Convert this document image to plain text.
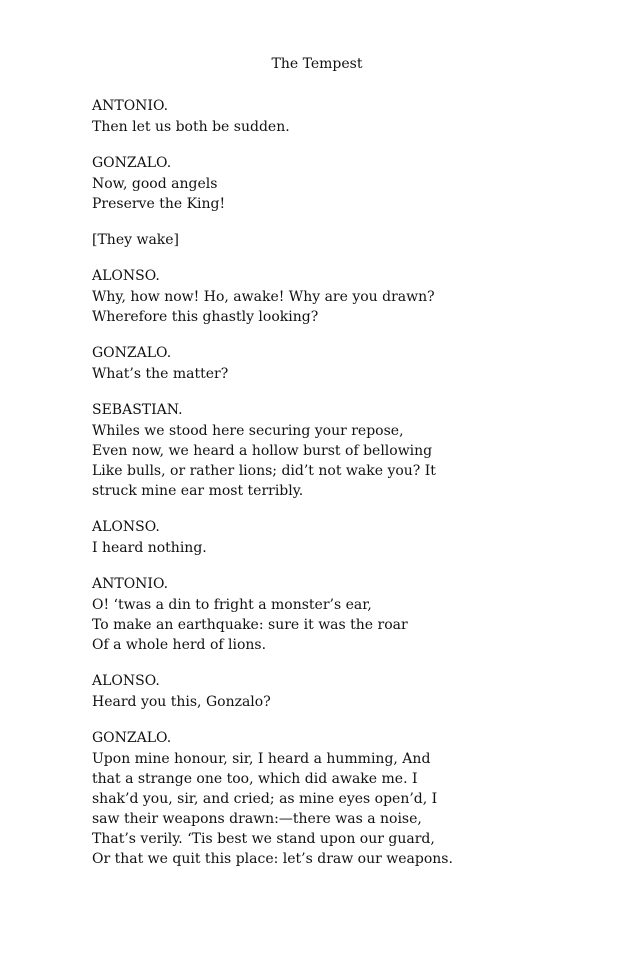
The Tempest
ANTONIO.
Then let us both be sudden.
GONZALO.
Now, good angels
Preserve the King!
[They wake]
ALONSO.
Why, how now! Ho, awake! Why are you drawn?
Wherefore this ghastly looking?
GONZALO.
What’s the matter?
SEBASTIAN.
Whiles we stood here securing your repose,
Even now, we heard a hollow burst of bellowing
Like bulls, or rather lions; did’t not wake you? It
struck mine ear most terribly.
ALONSO.
I heard nothing.
ANTONIO.
O! ‘twas a din to fright a monster’s ear,
To make an earthquake: sure it was the roar
Of a whole herd of lions.
ALONSO.
Heard you this, Gonzalo?
GONZALO.
Upon mine honour, sir, I heard a humming, And
that a strange one too, which did awake me. I
shak’d you, sir, and cried; as mine eyes open’d, I
saw their weapons drawn:—there was a noise,
That’s verily. ‘Tis best we stand upon our guard,
Or that we quit this place: let’s draw our weapons.
